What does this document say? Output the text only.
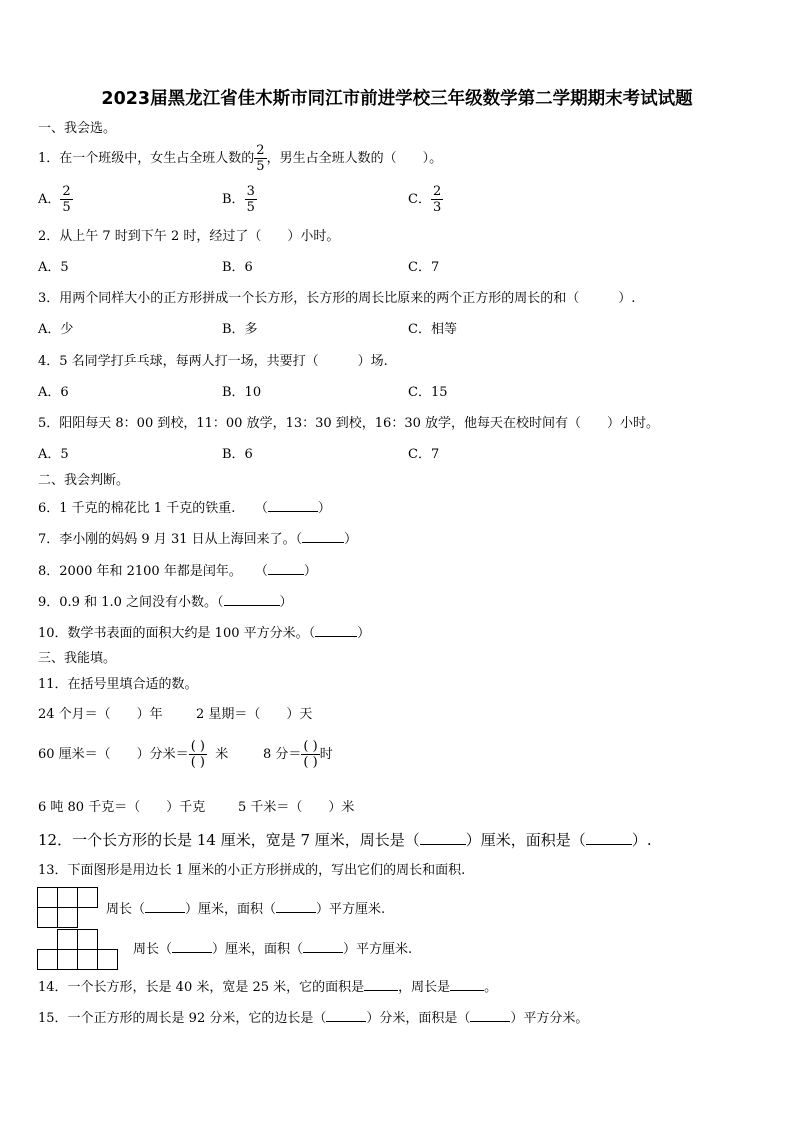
2023届黑龙江省佳木斯市同江市前进学校三年级数学第二学期期末考试试题
一、我会选。
1．在一个班级中，女生占全班人数的 $\frac{2}{5}$ ，男生占全班人数的（　　）。
A． $\frac{2}{5}$	B． $\frac{3}{5}$	C． $\frac{2}{3}$
2．从上午 7 时到下午 2 时，经过了（　　）小时。
A．5	B．6	C．7
3．用两个同样大小的正方形拼成一个长方形，长方形的周长比原来的两个正方形的周长的和（　　　）.
A．少	B．多	C．相等
4．5 名同学打乒乓球，每两人打一场，共要打（　　　）场.
A．6	B．10	C．15
5．阳阳每天 8：00 到校，11：00 放学，13：30 到校，16：30 放学，他每天在校时间有（　　）小时。
A．5	B．6	C．7
二、我会判断。
6．1 千克的棉花比 1 千克的铁重.　　（	）
7．李小刚的妈妈 9 月 31 日从上海回来了。（	）
8．2000 年和 2100 年都是闰年。　　（	）
9．0.9 和 1.0 之间没有小数。（	）
10．数学书表面的面积大约是 100 平方分米。（	）
三、我能填。
11．在括号里填合适的数。
24 个月＝（　　）年	2 星期＝（　　）天
60 厘米＝（　　）分米＝ $\frac{( )}{( )}$ 米	8 分＝ $\frac{( )}{( )}$ 时
6 吨 80 千克＝（　　）千克	5 千米＝（　　）米
12．一个长方形的长是 14 厘米，宽是 7 厘米，周长是（	）厘米，面积是（	）.
13．下面图形是用边长 1 厘米的小正方形拼成的，写出它们的周长和面积.
周长（	）厘米，面积（	）平方厘米.
周长（	）厘米，面积（	）平方厘米.
14．一个长方形，长是 40 米，宽是 25 米，它的面积是	，周长是	。
15．一个正方形的周长是 92 分米，它的边长是（	）分米，面积是（	）平方分米。
